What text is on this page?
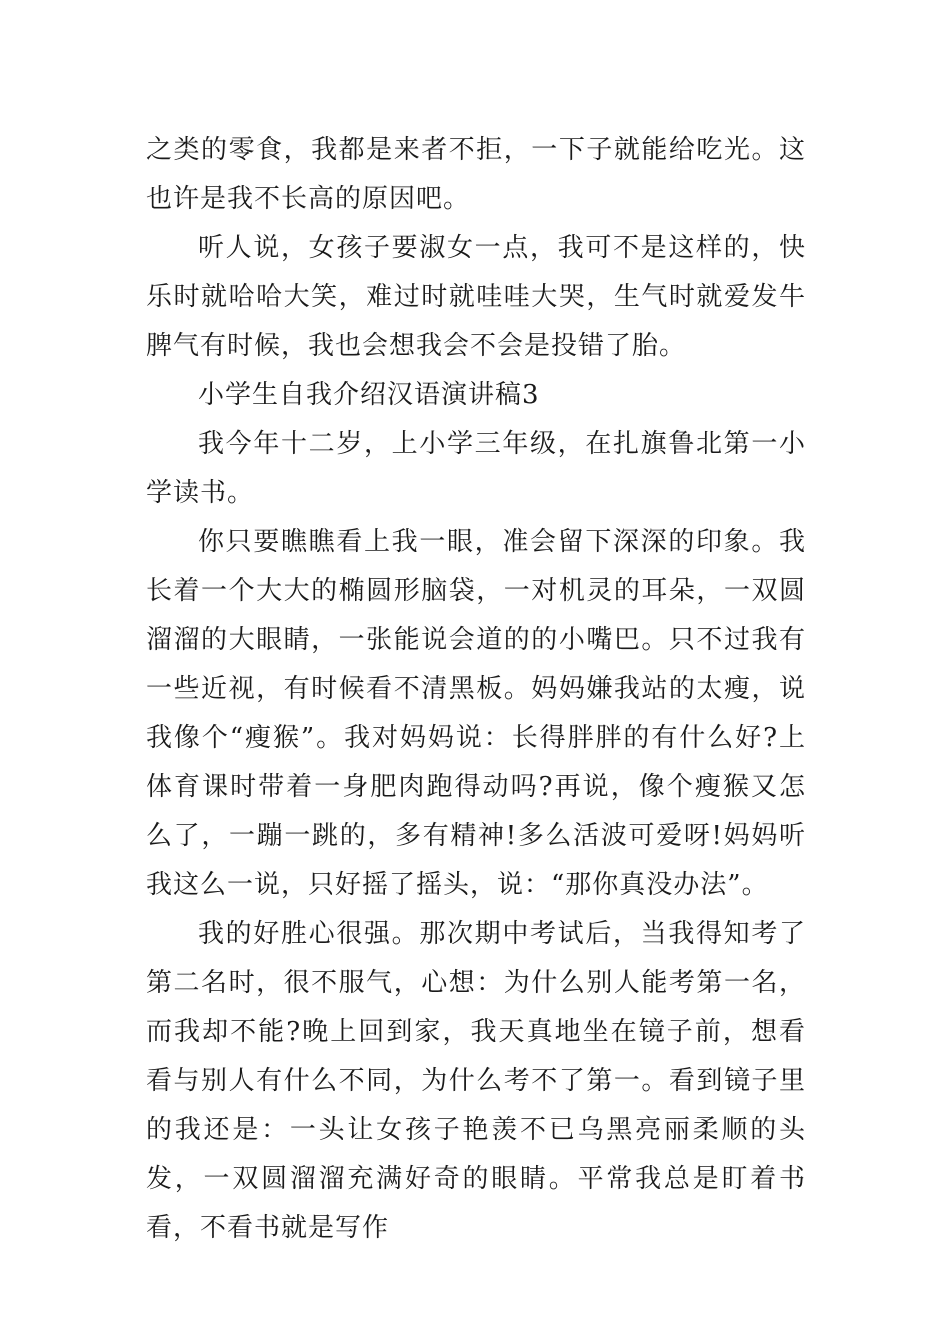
之类的零食，我都是来者不拒，一下子就能给吃光。这也许是我不长高的原因吧。

听人说，女孩子要淑女一点，我可不是这样的，快乐时就哈哈大笑，难过时就哇哇大哭，生气时就爱发牛脾气有时候，我也会想我会不会是投错了胎。

小学生自我介绍汉语演讲稿3

我今年十二岁，上小学三年级，在扎旗鲁北第一小学读书。

你只要瞧瞧看上我一眼，准会留下深深的印象。我长着一个大大的椭圆形脑袋，一对机灵的耳朵，一双圆溜溜的大眼睛，一张能说会道的的小嘴巴。只不过我有一些近视，有时候看不清黑板。妈妈嫌我站的太瘦，说我像个“瘦猴”。我对妈妈说：长得胖胖的有什么好?上体育课时带着一身肥肉跑得动吗?再说，像个瘦猴又怎么了，一蹦一跳的，多有精神!多么活波可爱呀!妈妈听我这么一说，只好摇了摇头，说：“那你真没办法”。

我的好胜心很强。那次期中考试后，当我得知考了第二名时，很不服气，心想：为什么别人能考第一名，而我却不能?晚上回到家，我天真地坐在镜子前，想看看与别人有什么不同，为什么考不了第一。看到镜子里的我还是：一头让女孩子艳羡不已乌黑亮丽柔顺的头发，一双圆溜溜充满好奇的眼睛。平常我总是盯着书看，不看书就是写作
